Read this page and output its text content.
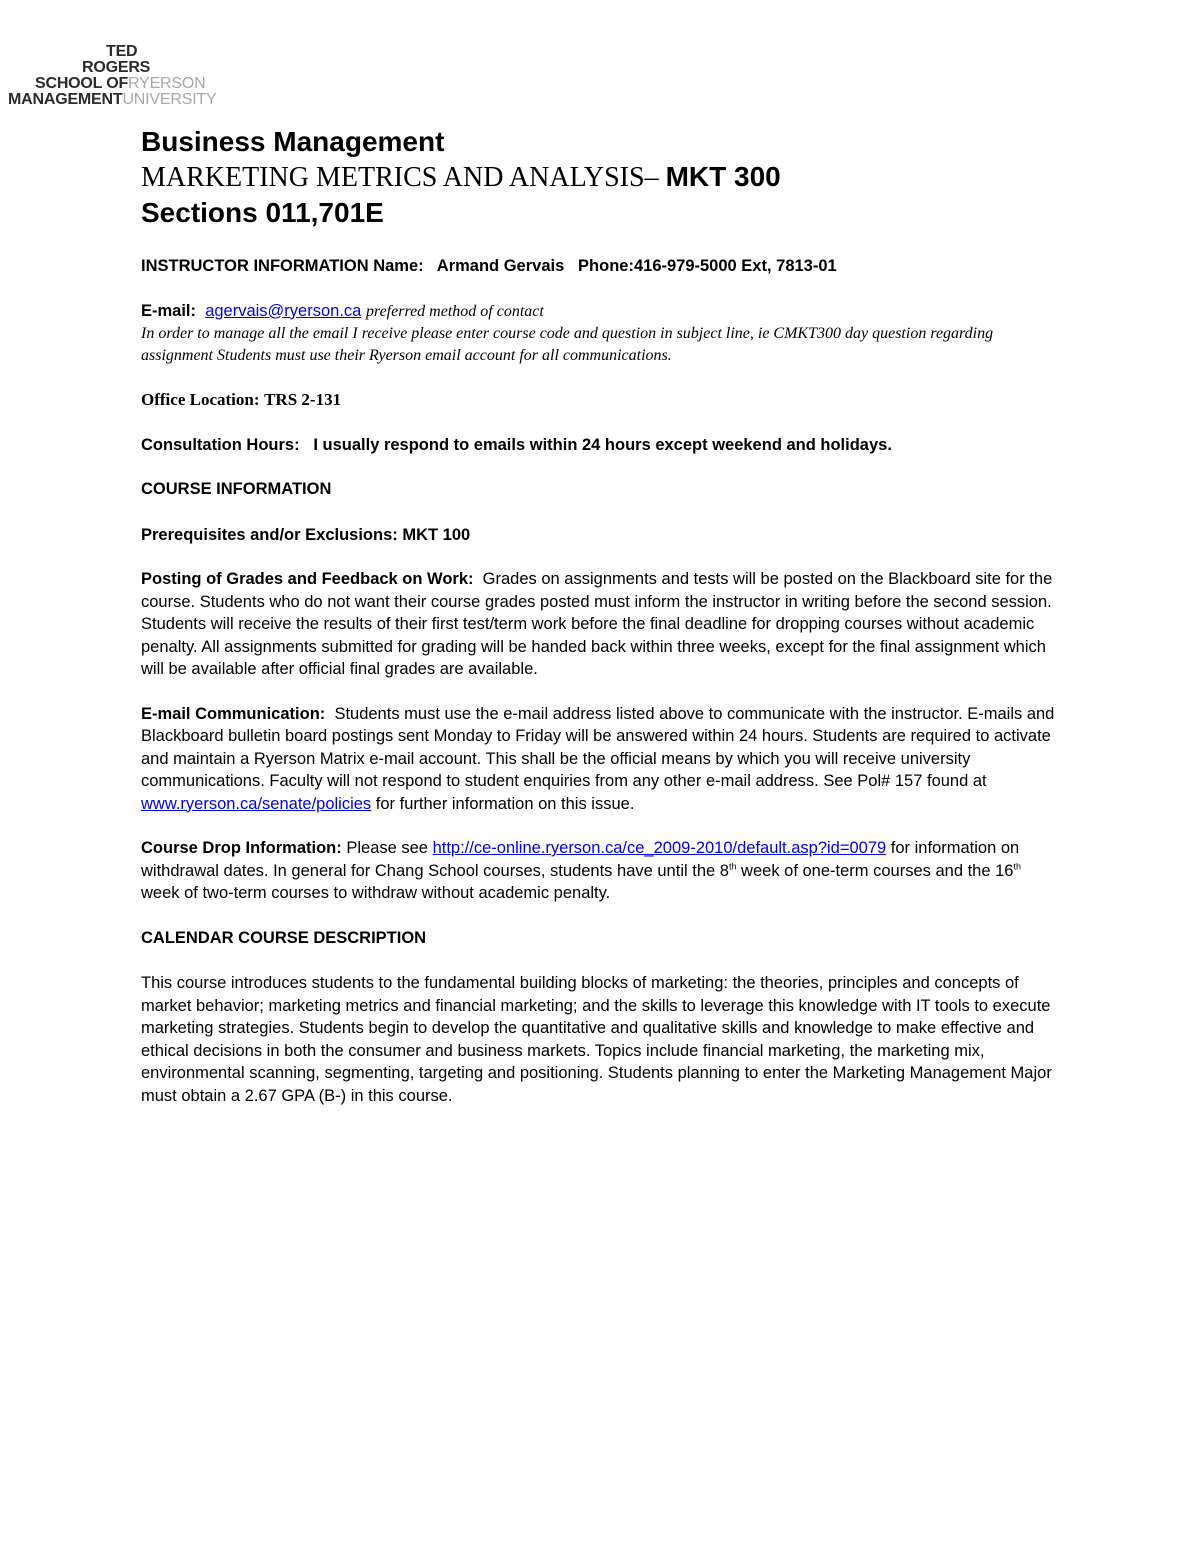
TED
ROGERS
SCHOOL OFRYERSON
MANAGEMENTUNIVERSITY
Business Management
MARKETING METRICS AND ANALYSIS– MKT 300
Sections 011,701E

INSTRUCTOR INFORMATION Name: Armand Gervais Phone:416-979-5000 Ext, 7813-01

E-mail: agervais@ryerson.ca preferred method of contact

In order to manage all the email I receive please enter course code and question in subject line, ie CMKT300 day question regarding assignment Students must use their Ryerson email account for all communications.

Office Location: TRS 2-131

Consultation Hours: I usually respond to emails within 24 hours except weekend and holidays.

COURSE INFORMATION

Prerequisites and/or Exclusions: MKT 100

Posting of Grades and Feedback on Work: Grades on assignments and tests will be posted on the Blackboard site for the course. Students who do not want their course grades posted must inform the instructor in writing before the second session. Students will receive the results of their first test/term work before the final deadline for dropping courses without academic penalty. All assignments submitted for grading will be handed back within three weeks, except for the final assignment which will be available after official final grades are available.

E-mail Communication: Students must use the e-mail address listed above to communicate with the instructor. E-mails and Blackboard bulletin board postings sent Monday to Friday will be answered within 24 hours. Students are required to activate and maintain a Ryerson Matrix e-mail account. This shall be the official means by which you will receive university communications. Faculty will not respond to student enquiries from any other e-mail address. See Pol# 157 found at www.ryerson.ca/senate/policies for further information on this issue.

Course Drop Information: Please see http://ce-online.ryerson.ca/ce_2009-2010/default.asp?id=0079 for information on withdrawal dates. In general for Chang School courses, students have until the 8th week of one-term courses and the 16th week of two-term courses to withdraw without academic penalty.

CALENDAR COURSE DESCRIPTION

This course introduces students to the fundamental building blocks of marketing: the theories, principles and concepts of market behavior; marketing metrics and financial marketing; and the skills to leverage this knowledge with IT tools to execute marketing strategies. Students begin to develop the quantitative and qualitative skills and knowledge to make effective and ethical decisions in both the consumer and business markets. Topics include financial marketing, the marketing mix, environmental scanning, segmenting, targeting and positioning. Students planning to enter the Marketing Management Major must obtain a 2.67 GPA (B-) in this course.
